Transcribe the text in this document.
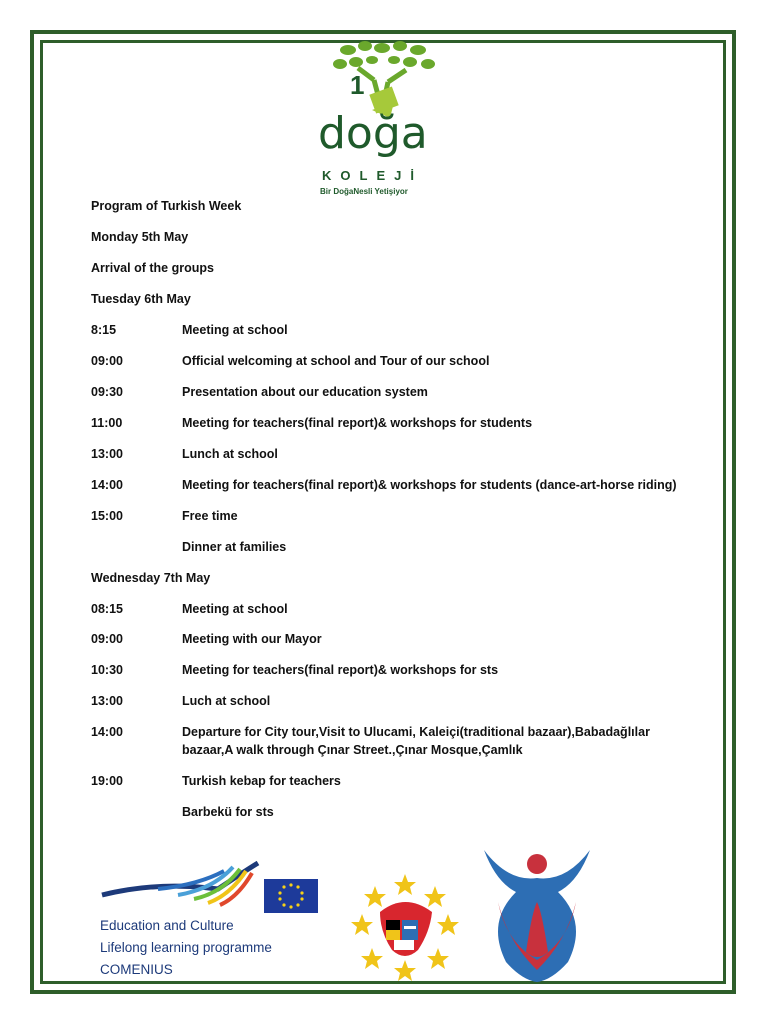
1
doğa
KOLEJİ
Bir DoğaNesli Yetişiyor
Program of Turkish Week
Monday 5th May
Arrival of the groups
Tuesday 6th May
8:15	Meeting at school
09:00	Official welcoming at school and Tour of our school
09:30	Presentation about our education system
11:00	Meeting for teachers(final report)& workshops for students
13:00	Lunch at school
14:00	Meeting for teachers(final report)& workshops for students (dance-art-horse riding)
15:00	Free time
Dinner at families
Wednesday 7th May
08:15	Meeting at school
09:00	Meeting with our Mayor
10:30	Meeting for teachers(final report)& workshops for sts
13:00	Luch at school
14:00	Departure for City tour,Visit to Ulucami, Kaleiçi(traditional bazaar),Babadağlılar
bazaar,A walk through Çınar Street.,Çınar Mosque,Çamlık
19:00	Turkish kebap for teachers
Barbekü for sts
Education and Culture
Lifelong learning programme
COMENIUS
